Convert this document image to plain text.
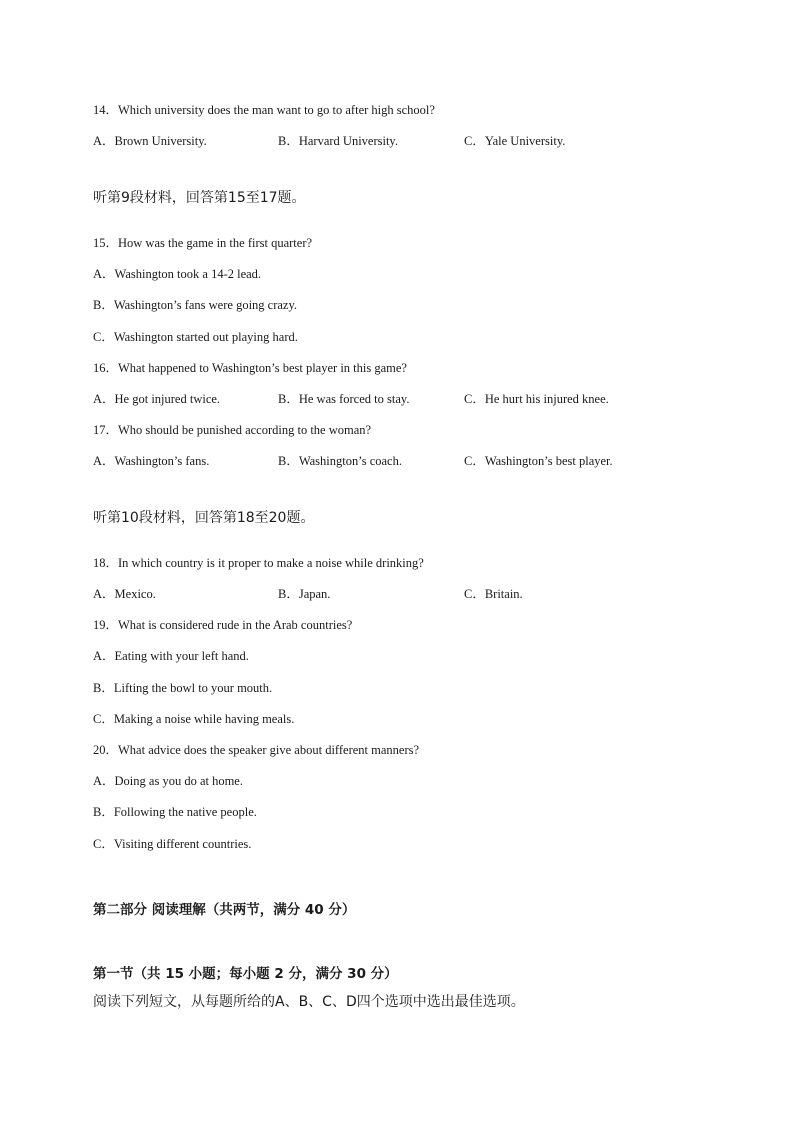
14．Which university does the man want to go to after high school?
A．Brown University.	B．Harvard University.	C．Yale University.
听第9段材料，回答第15至17题。
15．How was the game in the first quarter?
A．Washington took a 14-2 lead.
B．Washington’s fans were going crazy.
C．Washington started out playing hard.
16．What happened to Washington’s best player in this game?
A．He got injured twice.	B．He was forced to stay.	C．He hurt his injured knee.
17．Who should be punished according to the woman?
A．Washington’s fans.	B．Washington’s coach.	C．Washington’s best player.
听第10段材料，回答第18至20题。
18．In which country is it proper to make a noise while drinking?
A．Mexico.	B．Japan.	C．Britain.
19．What is considered rude in the Arab countries?
A．Eating with your left hand.
B．Lifting the bowl to your mouth.
C．Making a noise while having meals.
20．What advice does the speaker give about different manners?
A．Doing as you do at home.
B．Following the native people.
C．Visiting different countries.
第二部分 阅读理解（共两节，满分 40 分）
第一节（共 15 小题；每小题 2 分，满分 30 分）
阅读下列短文，从每题所给的A、B、C、D四个选项中选出最佳选项。
